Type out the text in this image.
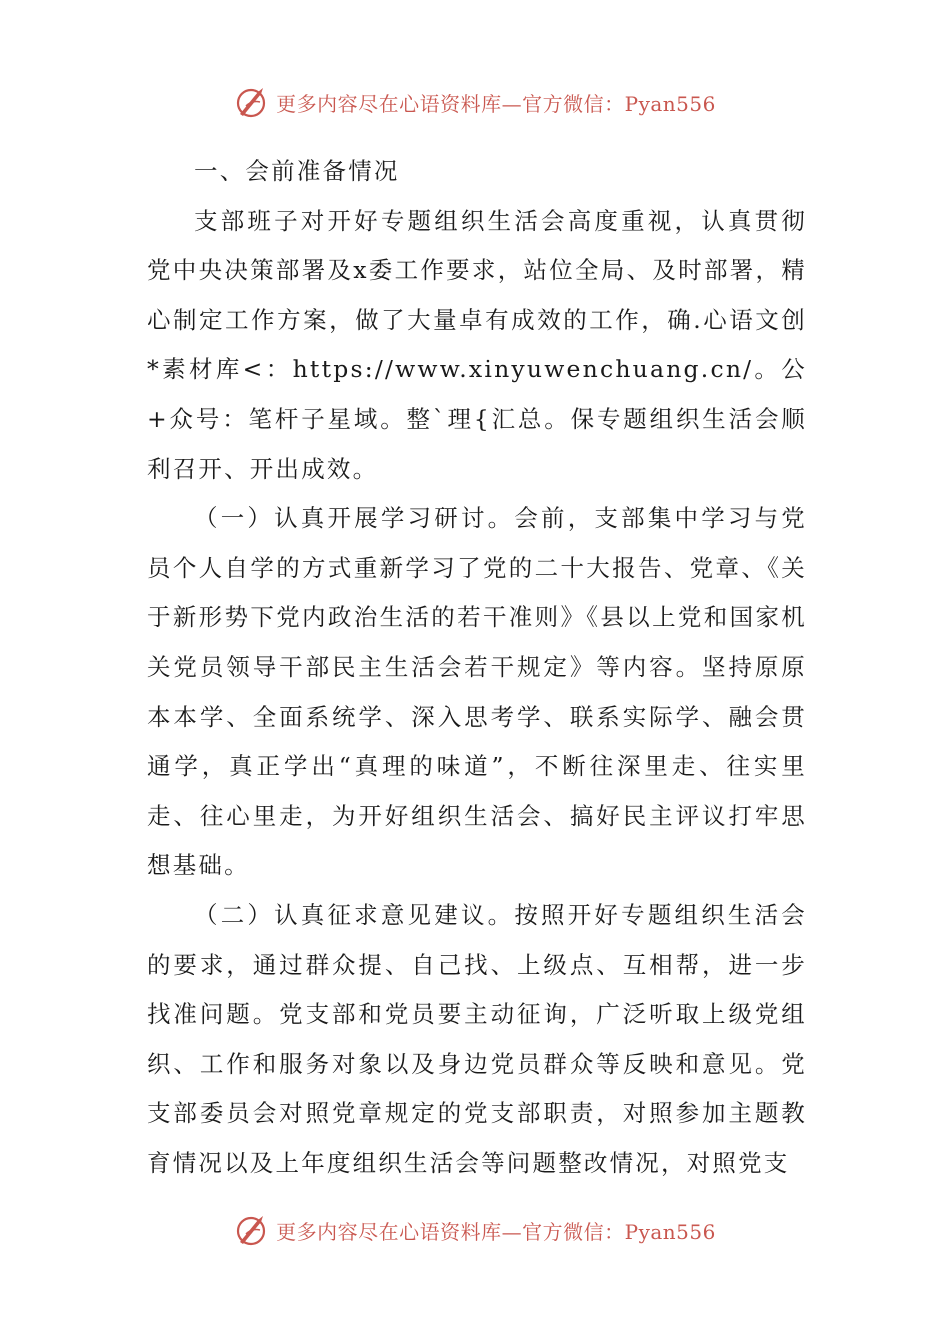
更多内容尽在心语资料库—官方微信：Pyan556

一、会前准备情况

支部班子对开好专题组织生活会高度重视，认真贯彻党中央决策部署及x委工作要求，站位全局、及时部署，精心制定工作方案，做了大量卓有成效的工作，确.心语文创*素材库<：https://www.xinyuwenchuang.cn/。公+众号：笔杆子星域。整`理{汇总。保专题组织生活会顺利召开、开出成效。

（一）认真开展学习研讨。会前，支部集中学习与党员个人自学的方式重新学习了党的二十大报告、党章、《关于新形势下党内政治生活的若干准则》《县以上党和国家机关党员领导干部民主生活会若干规定》等内容。坚持原原本本学、全面系统学、深入思考学、联系实际学、融会贯通学，真正学出“真理的味道”，不断往深里走、往实里走、往心里走，为开好组织生活会、搞好民主评议打牢思想基础。

（二）认真征求意见建议。按照开好专题组织生活会的要求，通过群众提、自己找、上级点、互相帮，进一步找准问题。党支部和党员要主动征询，广泛听取上级党组织、工作和服务对象以及身边党员群众等反映和意见。党支部委员会对照党章规定的党支部职责，对照参加主题教育情况以及上年度组织生活会等问题整改情况，对照党支

更多内容尽在心语资料库—官方微信：Pyan556
